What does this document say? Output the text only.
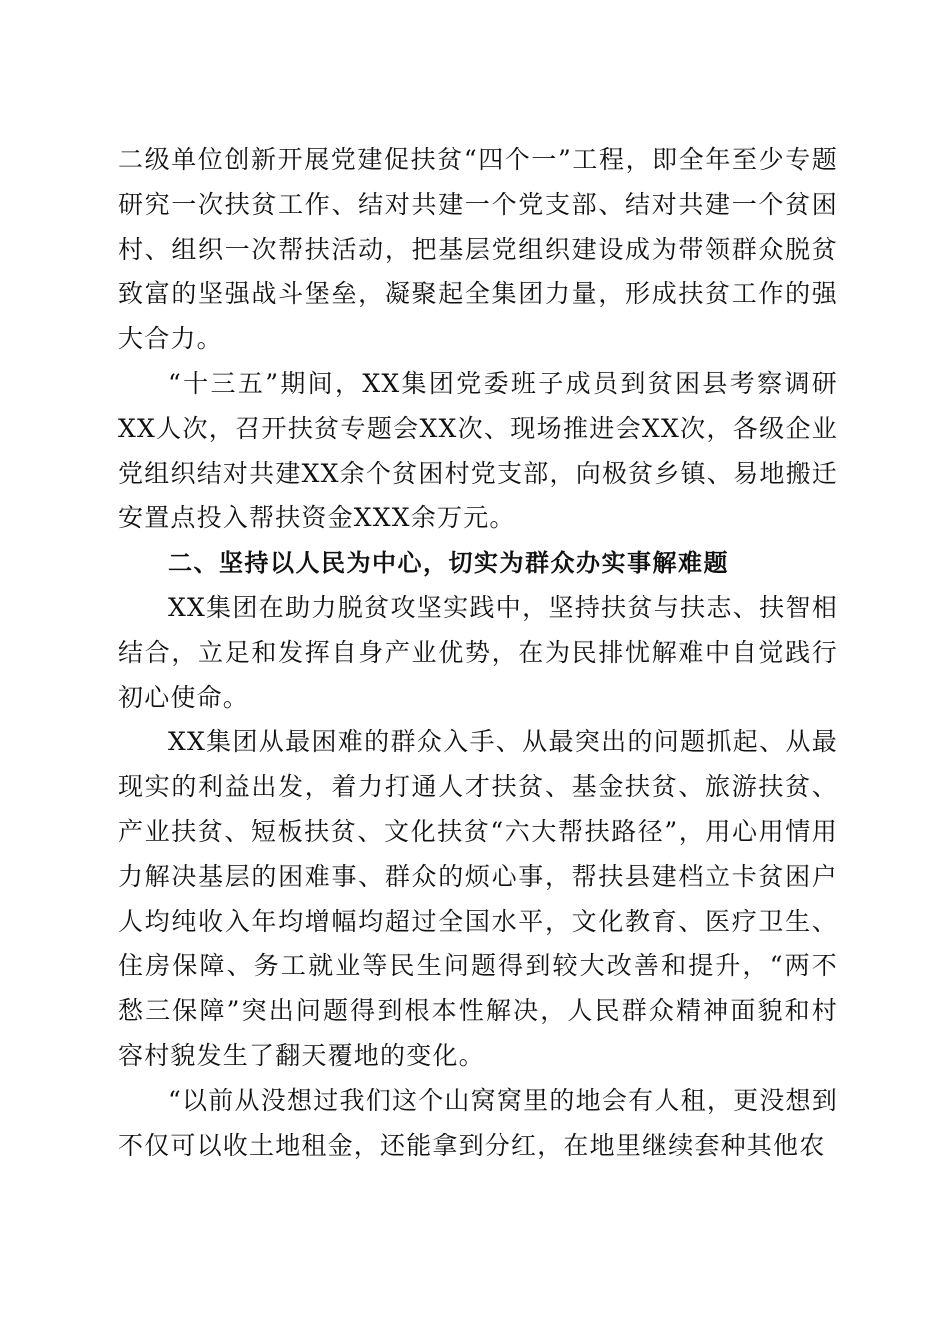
二级单位创新开展党建促扶贫“四个一”工程，即全年至少专题研究一次扶贫工作、结对共建一个党支部、结对共建一个贫困村、组织一次帮扶活动，把基层党组织建设成为带领群众脱贫致富的坚强战斗堡垒，凝聚起全集团力量，形成扶贫工作的强大合力。

“十三五”期间，XX集团党委班子成员到贫困县考察调研XX人次，召开扶贫专题会XX次、现场推进会XX次，各级企业党组织结对共建XX余个贫困村党支部，向极贫乡镇、易地搬迁安置点投入帮扶资金XXX余万元。

二、坚持以人民为中心，切实为群众办实事解难题

XX集团在助力脱贫攻坚实践中，坚持扶贫与扶志、扶智相结合，立足和发挥自身产业优势，在为民排忧解难中自觉践行初心使命。

XX集团从最困难的群众入手、从最突出的问题抓起、从最现实的利益出发，着力打通人才扶贫、基金扶贫、旅游扶贫、产业扶贫、短板扶贫、文化扶贫“六大帮扶路径”，用心用情用力解决基层的困难事、群众的烦心事，帮扶县建档立卡贫困户人均纯收入年均增幅均超过全国水平，文化教育、医疗卫生、住房保障、务工就业等民生问题得到较大改善和提升，“两不愁三保障”突出问题得到根本性解决，人民群众精神面貌和村容村貌发生了翻天覆地的变化。

“以前从没想过我们这个山窝窝里的地会有人租，更没想到不仅可以收土地租金，还能拿到分红，在地里继续套种其他农
